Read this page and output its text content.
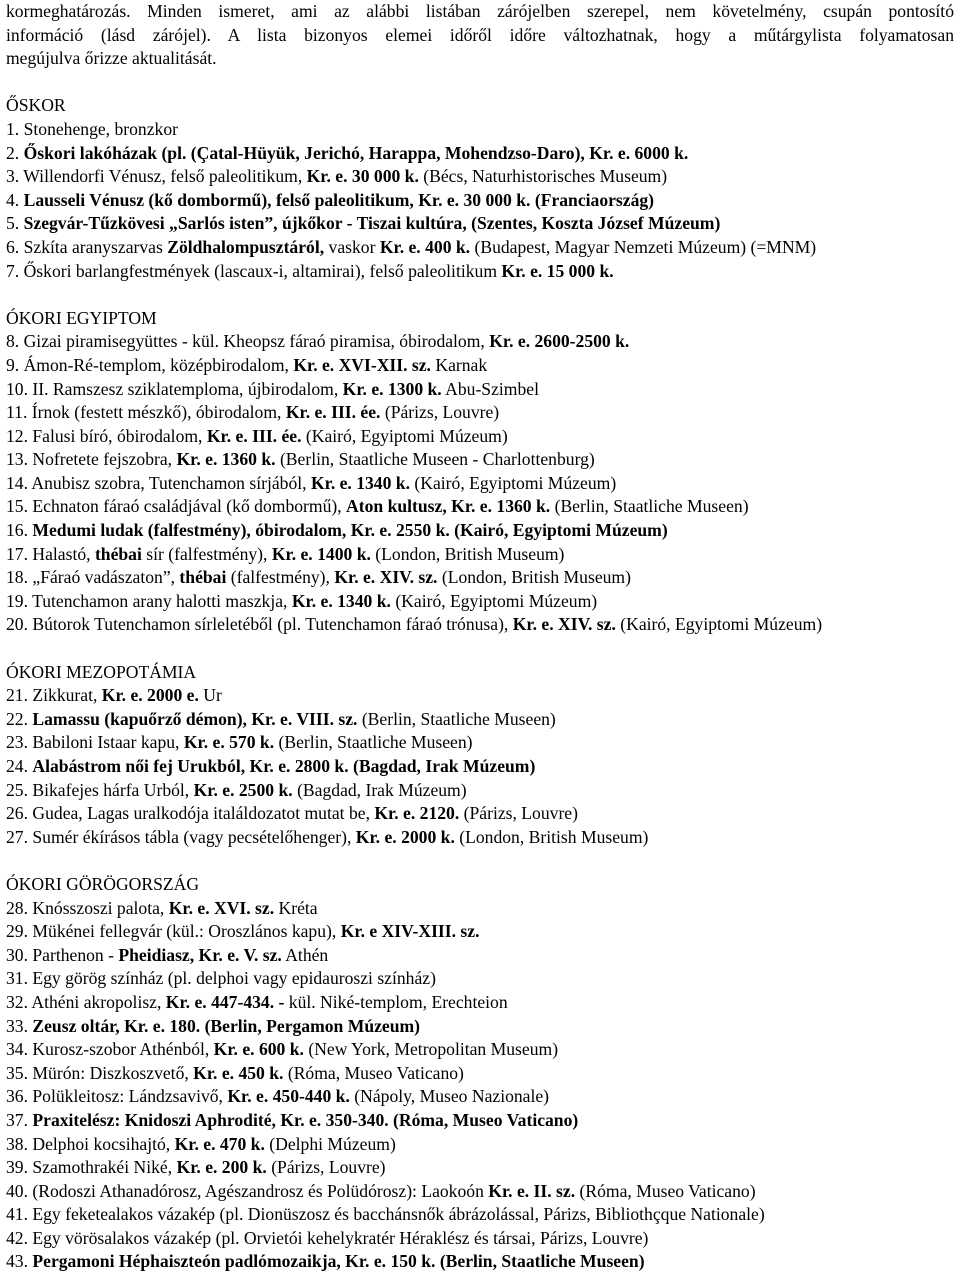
kormeghatározás. Minden ismeret, ami az alábbi listában zárójelben szerepel, nem követelmény, csupán pontosító
információ (lásd zárójel). A lista bizonyos elemei időről időre változhatnak, hogy a műtárgylista folyamatosan
megújulva őrizze aktualitását.
ŐSKOR
1. Stonehenge, bronzkor
2. Őskori lakóházak (pl. (Çatal-Hüyük, Jerichó, Harappa, Mohendzso-Daro), Kr. e. 6000 k.
3. Willendorfi Vénusz, felső paleolitikum, Kr. e. 30 000 k. (Bécs, Naturhistorisches Museum)
4. Lausseli Vénusz (kő dombormű), felső paleolitikum, Kr. e. 30 000 k. (Franciaország)
5. Szegvár-Tűzkövesi „Sarlós isten”, újkőkor - Tiszai kultúra, (Szentes, Koszta József Múzeum)
6. Szkíta aranyszarvas Zöldhalompusztáról, vaskor Kr. e. 400 k. (Budapest, Magyar Nemzeti Múzeum) (=MNM)
7. Őskori barlangfestmények (lascaux-i, altamirai), felső paleolitikum Kr. e. 15 000 k.
ÓKORI EGYIPTOM
8. Gizai piramisegyüttes - kül. Kheopsz fáraó piramisa, óbirodalom, Kr. e. 2600-2500 k.
9. Ámon-Ré-templom, középbirodalom, Kr. e. XVI-XII. sz. Karnak
10. II. Ramszesz sziklatemploma, újbirodalom, Kr. e. 1300 k. Abu-Szimbel
11. Írnok (festett mészkő), óbirodalom, Kr. e. III. ée. (Párizs, Louvre)
12. Falusi bíró, óbirodalom, Kr. e. III. ée. (Kairó, Egyiptomi Múzeum)
13. Nofretete fejszobra, Kr. e. 1360 k. (Berlin, Staatliche Museen - Charlottenburg)
14. Anubisz szobra, Tutenchamon sírjából, Kr. e. 1340 k. (Kairó, Egyiptomi Múzeum)
15. Echnaton fáraó családjával (kő dombormű), Aton kultusz, Kr. e. 1360 k. (Berlin, Staatliche Museen)
16. Medumi ludak (falfestmény), óbirodalom, Kr. e. 2550 k. (Kairó, Egyiptomi Múzeum)
17. Halastó, thébai sír (falfestmény), Kr. e. 1400 k. (London, British Museum)
18. „Fáraó vadászaton”, thébai (falfestmény), Kr. e. XIV. sz. (London, British Museum)
19. Tutenchamon arany halotti maszkja, Kr. e. 1340 k. (Kairó, Egyiptomi Múzeum)
20. Bútorok Tutenchamon sírleletéből (pl. Tutenchamon fáraó trónusa), Kr. e. XIV. sz. (Kairó, Egyiptomi Múzeum)
ÓKORI MEZOPOTÁMIA
21. Zikkurat, Kr. e. 2000 e. Ur
22. Lamassu (kapuőrző démon), Kr. e. VIII. sz. (Berlin, Staatliche Museen)
23. Babiloni Istaar kapu, Kr. e. 570 k. (Berlin, Staatliche Museen)
24. Alabástrom női fej Urukból, Kr. e. 2800 k. (Bagdad, Irak Múzeum)
25. Bikafejes hárfa Urból, Kr. e. 2500 k. (Bagdad, Irak Múzeum)
26. Gudea, Lagas uralkodója italáldozatot mutat be, Kr. e. 2120. (Párizs, Louvre)
27. Sumér ékírásos tábla (vagy pecsételőhenger), Kr. e. 2000 k. (London, British Museum)
ÓKORI GÖRÖGORSZÁG
28. Knósszoszi palota, Kr. e. XVI. sz. Kréta
29. Mükénei fellegvár (kül.: Oroszlános kapu), Kr. e XIV-XIII. sz.
30. Parthenon - Pheidiasz, Kr. e. V. sz. Athén
31. Egy görög színház (pl. delphoi vagy epidauroszi színház)
32. Athéni akropolisz, Kr. e. 447-434. - kül. Niké-templom, Erechteion
33. Zeusz oltár, Kr. e. 180. (Berlin, Pergamon Múzeum)
34. Kurosz-szobor Athénból, Kr. e. 600 k. (New York, Metropolitan Museum)
35. Mürón: Diszkoszvető, Kr. e. 450 k. (Róma, Museo Vaticano)
36. Polükleitosz: Lándzsavivő, Kr. e. 450-440 k. (Nápoly, Museo Nazionale)
37. Praxitelész: Knidoszi Aphrodité, Kr. e. 350-340. (Róma, Museo Vaticano)
38. Delphoi kocsihajtó, Kr. e. 470 k. (Delphi Múzeum)
39. Szamothrakéi Niké, Kr. e. 200 k. (Párizs, Louvre)
40. (Rodoszi Athanadórosz, Agészandrosz és Polüdórosz): Laokoón Kr. e. II. sz. (Róma, Museo Vaticano)
41. Egy feketealakos vázakép (pl. Dionüszosz és bacchánsnők ábrázolással, Párizs, Bibliothçque Nationale)
42. Egy vörösalakos vázakép (pl. Orvietói kehelykratér Héraklész és társai, Párizs, Louvre)
43. Pergamoni Héphaiszteón padlómozaikja, Kr. e. 150 k. (Berlin, Staatliche Museen)
